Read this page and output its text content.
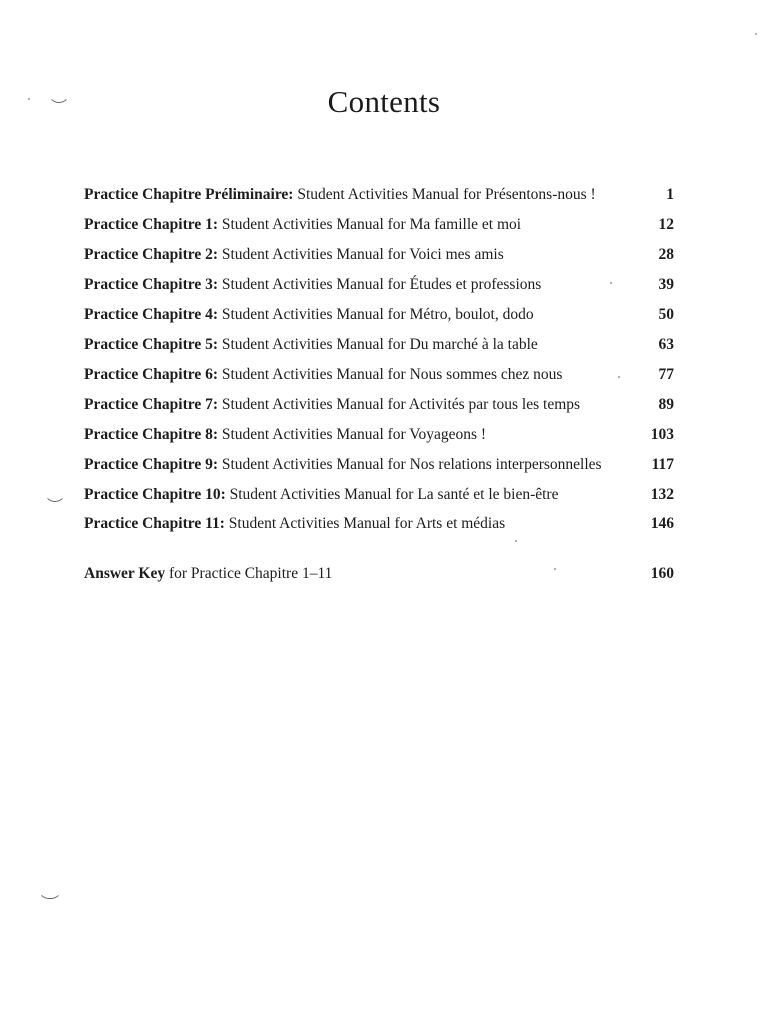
Contents
Practice Chapitre Préliminaire: Student Activities Manual for Présentons-nous !	1
Practice Chapitre 1: Student Activities Manual for Ma famille et moi	12
Practice Chapitre 2: Student Activities Manual for Voici mes amis	28
Practice Chapitre 3: Student Activities Manual for Études et professions	39
Practice Chapitre 4: Student Activities Manual for Métro, boulot, dodo	50
Practice Chapitre 5: Student Activities Manual for Du marché à la table	63
Practice Chapitre 6: Student Activities Manual for Nous sommes chez nous	77
Practice Chapitre 7: Student Activities Manual for Activités par tous les temps	89
Practice Chapitre 8: Student Activities Manual for Voyageons !	103
Practice Chapitre 9: Student Activities Manual for Nos relations interpersonnelles	117
Practice Chapitre 10: Student Activities Manual for La santé et le bien-être	132
Practice Chapitre 11: Student Activities Manual for Arts et médias	146
Answer Key for Practice Chapitre 1–11	160
